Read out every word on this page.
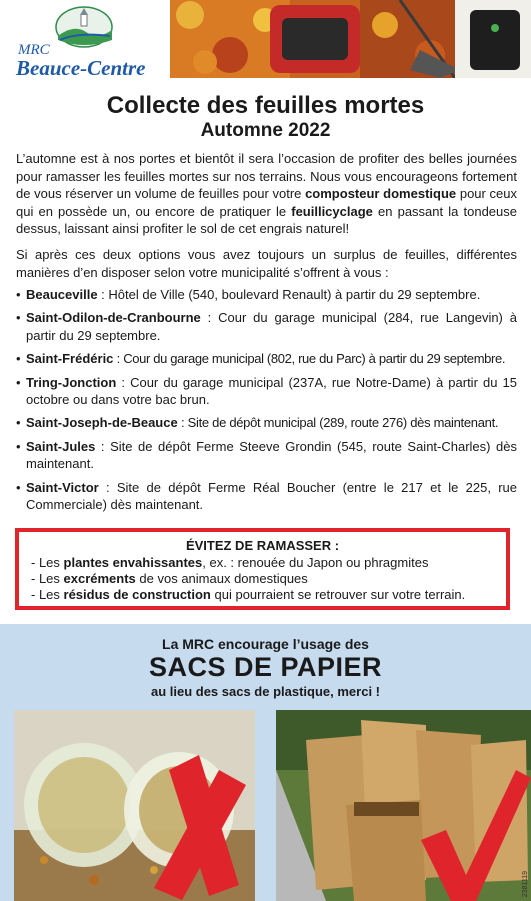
MRC
Beauce-Centre
Collecte des feuilles mortes
Automne 2022

L’automne est à nos portes et bientôt il sera l’occasion de profiter des belles journées pour ramasser les feuilles mortes sur nos terrains. Nous vous encourageons fortement de vous réserver un volume de feuilles pour votre composteur domestique pour ceux qui en possède un, ou encore de pratiquer le feuillicyclage en passant la tondeuse dessus, laissant ainsi profiter le sol de cet engrais naturel!

Si après ces deux options vous avez toujours un surplus de feuilles, différentes manières d’en disposer selon votre municipalité s’offrent à vous :

• Beauceville : Hôtel de Ville (540, boulevard Renault) à partir du 29 septembre.
• Saint-Odilon-de-Cranbourne : Cour du garage municipal (284, rue Langevin) à partir du 29 septembre.
• Saint-Frédéric : Cour du garage municipal (802, rue du Parc) à partir du 29 septembre.
• Tring-Jonction : Cour du garage municipal (237A, rue Notre-Dame) à partir du 15 octobre ou dans votre bac brun.
• Saint-Joseph-de-Beauce : Site de dépôt municipal (289, route 276) dès maintenant.
• Saint-Jules : Site de dépôt Ferme Steeve Grondin (545, route Saint-Charles) dès maintenant.
• Saint-Victor : Site de dépôt Ferme Réal Boucher (entre le 217 et le 225, rue Commerciale) dès maintenant.
ÉVITEZ DE RAMASSER :
- Les plantes envahissantes, ex. : renouée du Japon ou phragmites
- Les excréments de vos animaux domestiques
- Les résidus de construction qui pourraient se retrouver sur votre terrain.
La MRC encourage l’usage des
SACS DE PAPIER
au lieu des sacs de plastique, merci !
2381119
